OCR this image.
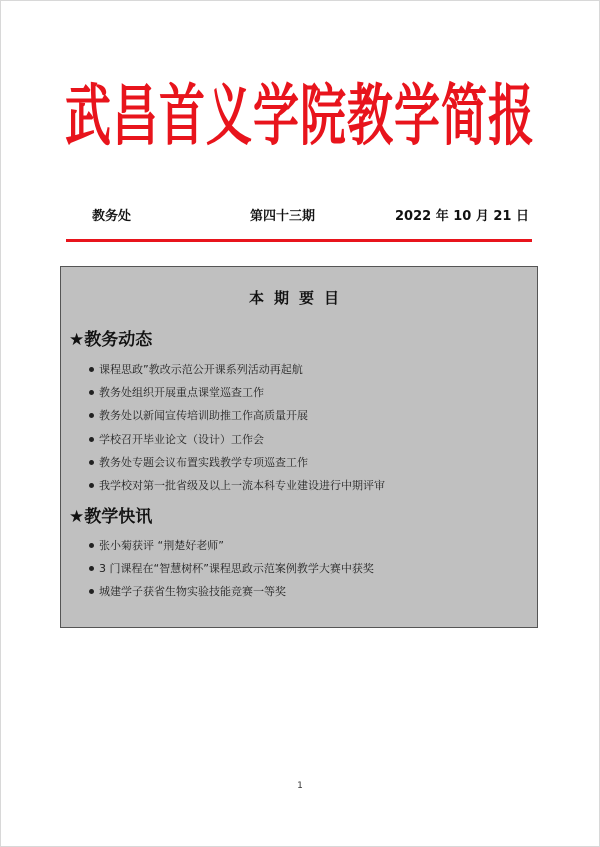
武昌首义学院教学简报
教务处	第四十三期	2022 年 10 月 21 日
本期要目
★教务动态
课程思政”教改示范公开课系列活动再起航
教务处组织开展重点课堂巡查工作
教务处以新闻宣传培训助推工作高质量开展
学校召开毕业论文（设计）工作会
教务处专题会议布置实践教学专项巡查工作
我学校对第一批省级及以上一流本科专业建设进行中期评审
★教学快讯
张小菊获评 “荆楚好老师”
3 门课程在“智慧树杯”课程思政示范案例教学大赛中获奖
城建学子获省生物实验技能竞赛一等奖
1
